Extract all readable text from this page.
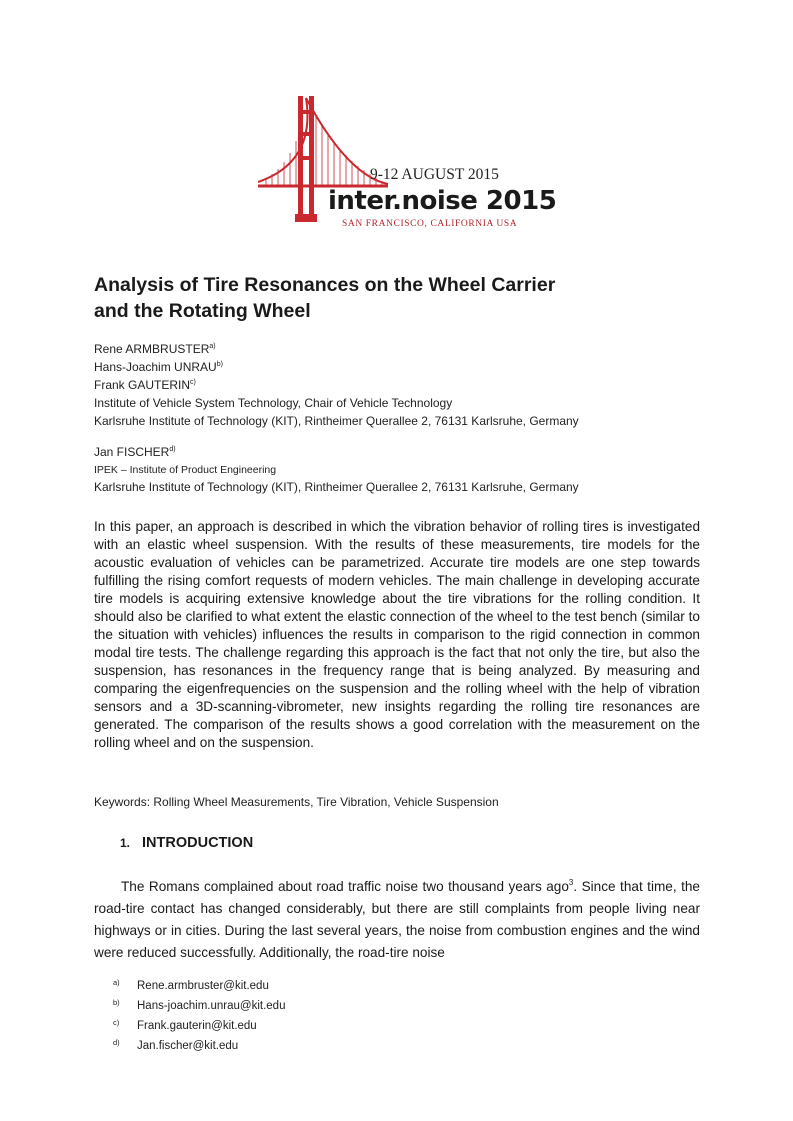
9-12 AUGUST 2015
inter.noise 2015
SAN FRANCISCO, CALIFORNIA USA
Analysis of Tire Resonances on the Wheel Carrier
and the Rotating Wheel
Rene ARMBRUSTER$^{a)}$
Hans-Joachim UNRAU$^{b)}$
Frank GAUTERIN$^{c)}$
Institute of Vehicle System Technology, Chair of Vehicle Technology
Karlsruhe Institute of Technology (KIT), Rintheimer Querallee 2, 76131 Karlsruhe, Germany
Jan FISCHER$^{d)}$
IPEK – Institute of Product Engineering
Karlsruhe Institute of Technology (KIT), Rintheimer Querallee 2, 76131 Karlsruhe, Germany
In this paper, an approach is described in which the vibration behavior of rolling tires is investigated with an elastic wheel suspension. With the results of these measurements, tire models for the acoustic evaluation of vehicles can be parametrized. Accurate tire models are one step towards fulfilling the rising comfort requests of modern vehicles. The main challenge in developing accurate tire models is acquiring extensive knowledge about the tire vibrations for the rolling condition. It should also be clarified to what extent the elastic connection of the wheel to the test bench (similar to the situation with vehicles) influences the results in comparison to the rigid connection in common modal tire tests. The challenge regarding this approach is the fact that not only the tire, but also the suspension, has resonances in the frequency range that is being analyzed. By measuring and comparing the eigenfrequencies on the suspension and the rolling wheel with the help of vibration sensors and a 3D-scanning-vibrometer, new insights regarding the rolling tire resonances are generated. The comparison of the results shows a good correlation with the measurement on the rolling wheel and on the suspension.
Keywords: Rolling Wheel Measurements, Tire Vibration, Vehicle Suspension
1. INTRODUCTION
The Romans complained about road traffic noise two thousand years ago$^3$. Since that time, the road-tire contact has changed considerably, but there are still complaints from people living near highways or in cities. During the last several years, the noise from combustion engines and the wind were reduced successfully. Additionally, the road-tire noise
a)	Rene.armbruster@kit.edu
b)	Hans-joachim.unrau@kit.edu
c)	Frank.gauterin@kit.edu
d)	Jan.fischer@kit.edu
